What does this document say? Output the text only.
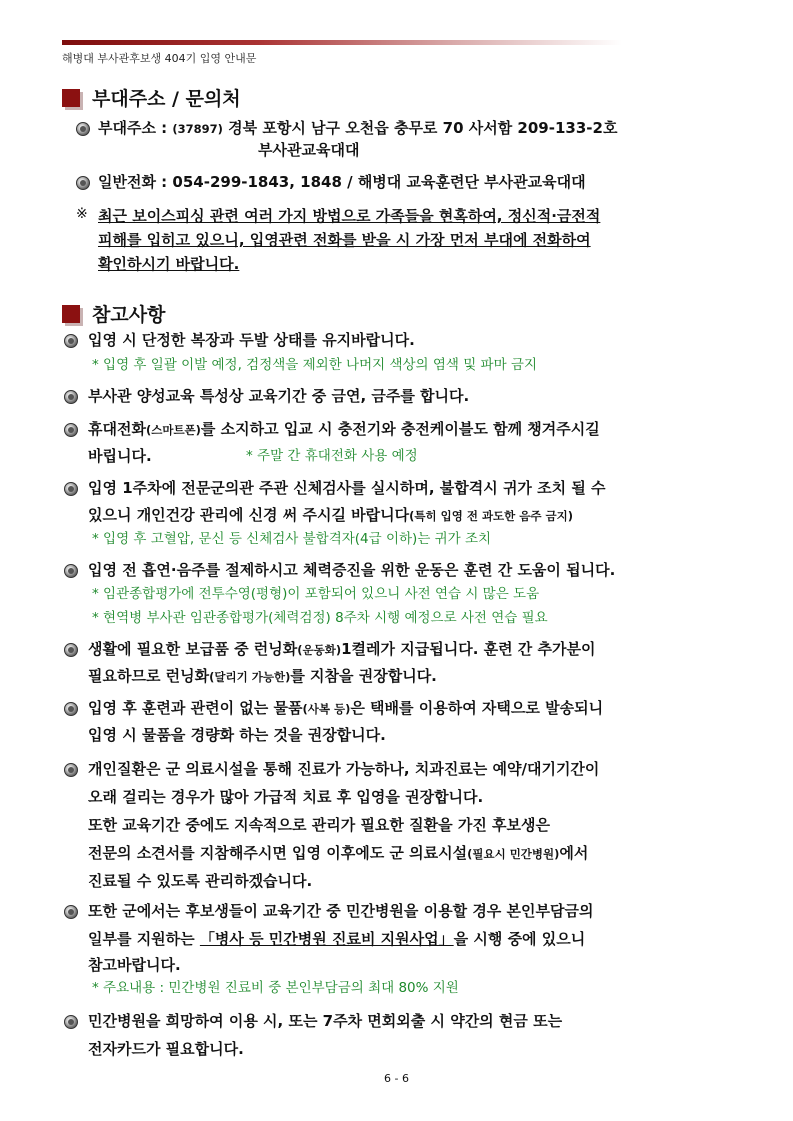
해병대 부사관후보생 404기 입영 안내문
부대주소 / 문의처
부대주소 : (37897) 경북 포항시 남구 오천읍 충무로 70 사서함 209-133-2호
부사관교육대대
일반전화 : 054-299-1843, 1848 / 해병대 교육훈련단 부사관교육대대
※ 최근 보이스피싱 관련 여러 가지 방법으로 가족들을 현혹하여, 정신적·금전적
피해를 입히고 있으니, 입영관련 전화를 받을 시 가장 먼저 부대에 전화하여
확인하시기 바랍니다.
참고사항
입영 시 단정한 복장과 두발 상태를 유지바랍니다.
* 입영 후 일괄 이발 예정, 검정색을 제외한 나머지 색상의 염색 및 파마 금지
부사관 양성교육 특성상 교육기간 중 금연, 금주를 합니다.
휴대전화(스마트폰)를 소지하고 입교 시 충전기와 충전케이블도 함께 챙겨주시길
바립니다.	* 주말 간 휴대전화 사용 예정
입영 1주차에 전문군의관 주관 신체검사를 실시하며, 불합격시 귀가 조치 될 수
있으니 개인건강 관리에 신경 써 주시길 바랍니다(특히 입영 전 과도한 음주 금지)
* 입영 후 고혈압, 문신 등 신체검사 불합격자(4급 이하)는 귀가 조치
입영 전 흡연·음주를 절제하시고 체력증진을 위한 운동은 훈련 간 도움이 됩니다.
* 임관종합평가에 전투수영(평형)이 포함되어 있으니 사전 연습 시 많은 도움
* 현역병 부사관 임관종합평가(체력검정) 8주차 시행 예정으로 사전 연습 필요
생활에 필요한 보급품 중 런닝화(운동화)1켤레가 지급됩니다. 훈련 간 추가분이
필요하므로 런닝화(달리기 가능한)를 지참을 권장합니다.
입영 후 훈련과 관련이 없는 물품(사복 등)은 택배를 이용하여 자택으로 발송되니
입영 시 물품을 경량화 하는 것을 권장합니다.
개인질환은 군 의료시설을 통해 진료가 가능하나, 치과진료는 예약/대기기간이
오래 걸리는 경우가 많아 가급적 치료 후 입영을 권장합니다.
또한 교육기간 중에도 지속적으로 관리가 필요한 질환을 가진 후보생은
전문의 소견서를 지참해주시면 입영 이후에도 군 의료시설(필요시 민간병원)에서
진료될 수 있도록 관리하겠습니다.
또한 군에서는 후보생들이 교육기간 중 민간병원을 이용할 경우 본인부담금의
일부를 지원하는 「병사 등 민간병원 진료비 지원사업」을 시행 중에 있으니
참고바랍니다.
* 주요내용 : 민간병원 진료비 중 본인부담금의 최대 80% 지원
민간병원을 희망하여 이용 시, 또는 7주차 면회외출 시 약간의 현금 또는
전자카드가 필요합니다.
6 - 6
